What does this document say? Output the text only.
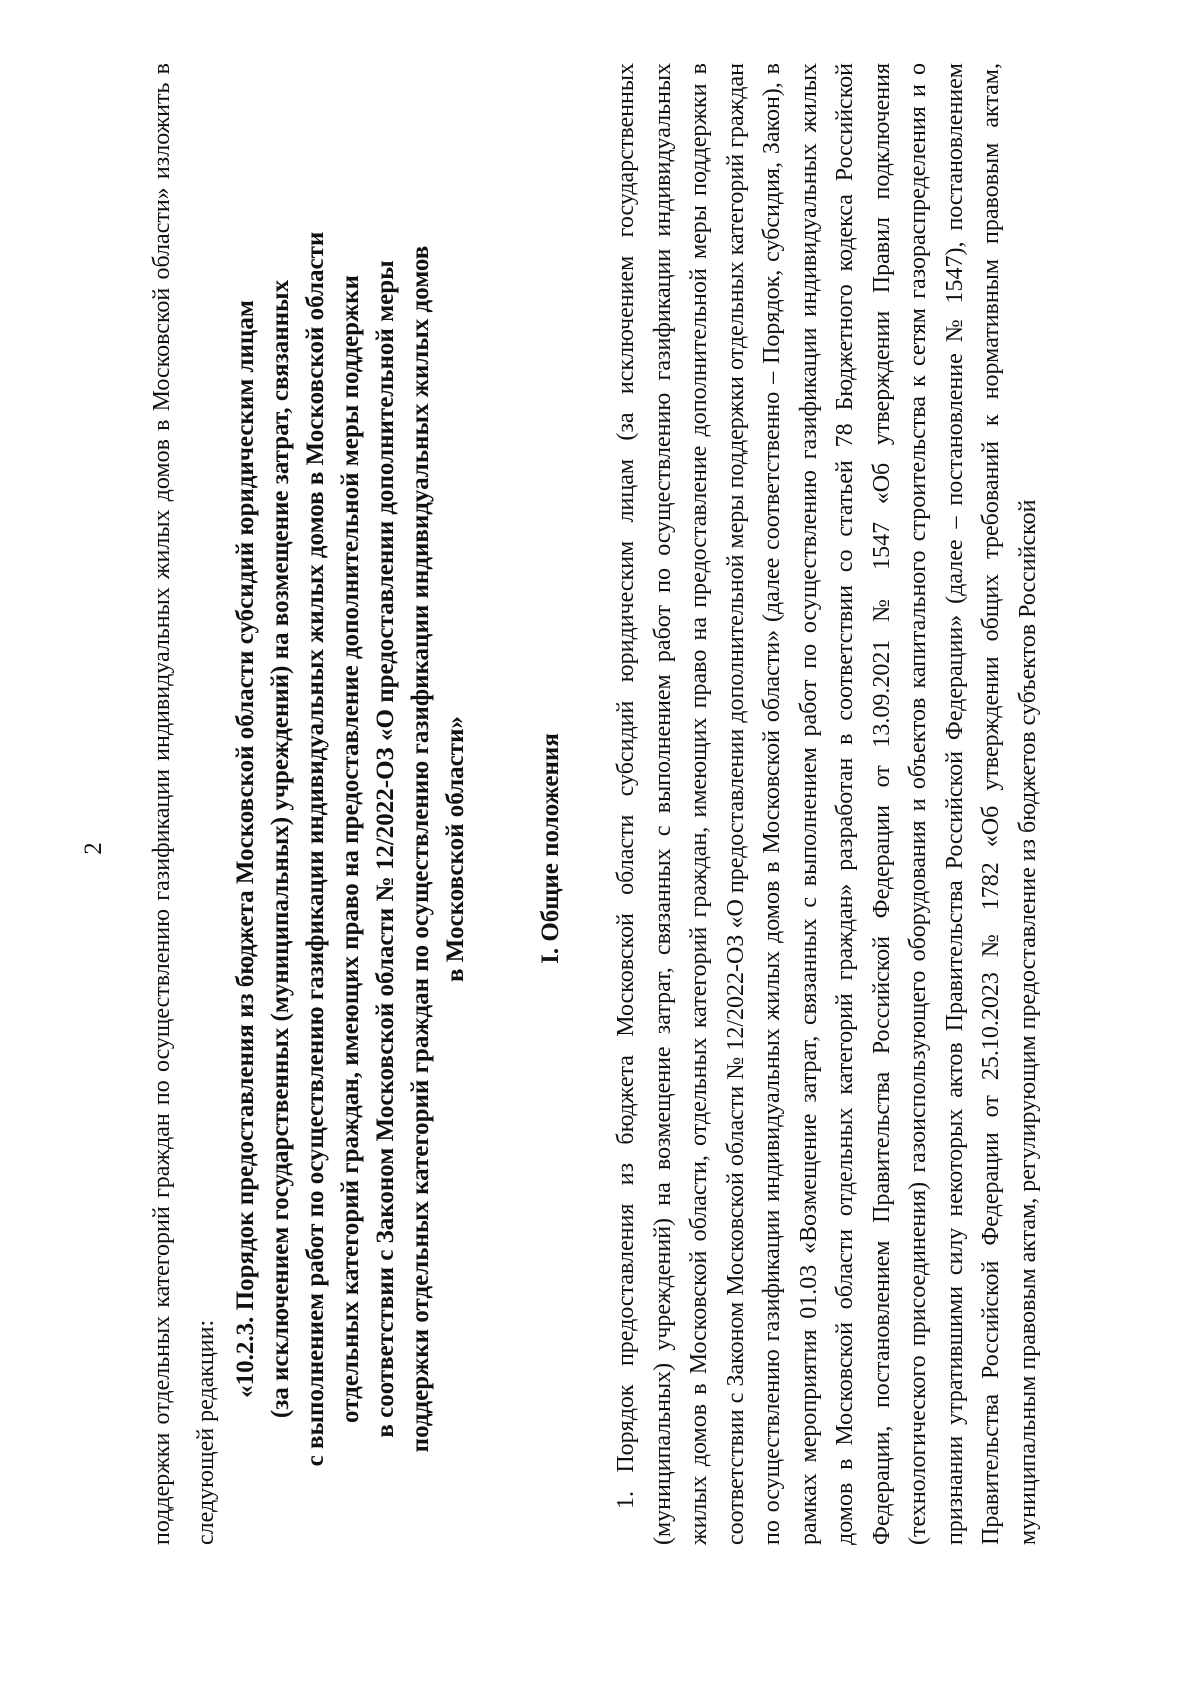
2	поддержки отдельных категорий граждан по осуществлению газификации индивидуальных жилых домов в Московской области» изложить в следующей редакции:

«10.2.3. Порядок предоставления из бюджета Московской области субсидий юридическим лицам (за исключением государственных (муниципальных) учреждений) на возмещение затрат, связанных с выполнением работ по осуществлению газификации индивидуальных жилых домов в Московской области отдельных категорий граждан, имеющих право на предоставление дополнительной меры поддержки в соответствии с Законом Московской области № 12/2022-ОЗ «О предоставлении дополнительной меры поддержки отдельных категорий граждан по осуществлению газификации индивидуальных жилых домов в Московской области»	I. Общие положения 1. Порядок предоставления из бюджета Московской области субсидий юридическим лицам (за исключением государственных (муниципальных) учреждений) на возмещение затрат, связанных с выполнением работ по осуществлению газификации индивидуальных жилых домов в Московской области, отдельных категорий граждан, имеющих право на предоставление дополнительной меры поддержки в соответствии с Законом Московской области № 12/2022-ОЗ «О предоставлении дополнительной меры поддержки отдельных категорий граждан по осуществлению газификации индивидуальных жилых домов в Московской области» (далее соответственно – Порядок, субсидия, Закон), в рамках мероприятия 01.03 «Возмещение затрат, связанных с выполнением работ по осуществлению газификации индивидуальных жилых домов в Московской области отдельных категорий граждан» разработан в соответствии со статьей 78 Бюджетного кодекса Российской Федерации, постановлением Правительства Российской Федерации от 13.09.2021 № 1547 «Об утверждении Правил подключения (технологического присоединения) газоиспользующего оборудования и объектов капитального строительства к сетям газораспределения и о признании утратившими силу некоторых актов Правительства Российской Федерации» (далее – постановление № 1547), постановлением Правительства Российской Федерации от 25.10.2023 № 1782 «Об утверждении общих требований к нормативным правовым актам, муниципальным правовым актам, регулирующим предоставление из бюджетов субъектов Российской
